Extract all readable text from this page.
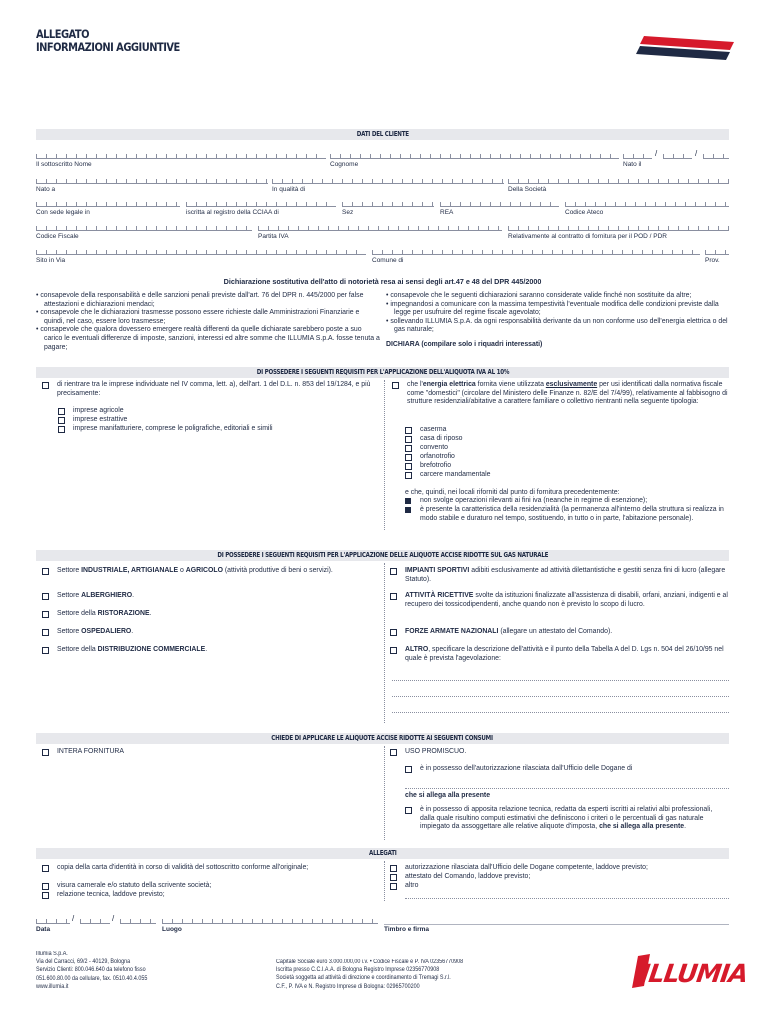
ALLEGATO
INFORMAZIONI AGGIUNTIVE
DATI DEL CLIENTE
/	/
Il sottoscritto Nome	Cognome	Nato il
Nato a	In qualità di	Della Società
Con sede legale in	iscritta al registro della CCIAA di	Sez	REA	Codice Ateco
Codice Fiscale	Partita IVA	Relativamente al contratto di fornitura per il POD / PDR
Sito in Via	Comune di	Prov.
Dichiarazione sostitutiva dell'atto di notorietà resa ai sensi degli art.47 e 48 del DPR 445/2000
• consapevole della responsabilità e delle sanzioni penali previste dall'art. 76 del DPR n. 445/2000 per false attestazioni e dichiarazioni mendaci;
• consapevole che le dichiarazioni trasmesse possono essere richieste dalle Amministrazioni Finanziarie e quindi, nel caso, essere loro trasmesse;
• consapevole che qualora dovessero emergere realtà differenti da quelle dichiarate sarebbero poste a suo carico le eventuali differenze di imposte, sanzioni, interessi ed altre somme che ILLUMIA S.p.A. fosse tenuta a pagare;
• consapevole che le seguenti dichiarazioni saranno considerate valide finché non sostituite da altre;
• impegnandosi a comunicare con la massima tempestività l'eventuale modifica delle condizioni previste dalla legge per usufruire del regime fiscale agevolato;
• sollevando ILLUMIA S.p.A. da ogni responsabilità derivante da un non conforme uso dell'energia elettrica o del gas naturale;
DICHIARA (compilare solo i riquadri interessati)
DI POSSEDERE I SEGUENTI REQUISITI PER L'APPLICAZIONE DELL'ALIQUOTA IVA AL 10%
di rientrare tra le imprese individuate nel IV comma, lett. a), dell'art. 1 del D.L. n. 853 del 19/1284, e più precisamente:
imprese agricole
imprese estrattive
imprese manifatturiere, comprese le poligrafiche, editoriali e simili
che l'energia elettrica fornita viene utilizzata esclusivamente per usi identificati dalla normativa fiscale come "domestici" (circolare del Ministero delle Finanze n. 82/E del 7/4/99), relativamente al fabbisogno di strutture residenziali/abitative a carattere familiare o collettivo rientranti nella seguente tipologia:
caserma
casa di riposo
convento
orfanotrofio
brefotrofio
carcere mandamentale
e che, quindi, nei locali riforniti dal punto di fornitura precedentemente:
non svolge operazioni rilevanti ai fini iva (neanche in regime di esenzione);
è presente la caratteristica della residenzialità (la permanenza all'interno della struttura si realizza in modo stabile e duraturo nel tempo, sostituendo, in tutto o in parte, l'abitazione personale).
DI POSSEDERE I SEGUENTI REQUISITI PER L'APPLICAZIONE DELLE ALIQUOTE ACCISE RIDOTTE SUL GAS NATURALE
Settore INDUSTRIALE, ARTIGIANALE o AGRICOLO (attività produttive di beni o servizi).
Settore ALBERGHIERO.
Settore della RISTORAZIONE.
Settore OSPEDALIERO.
Settore della DISTRIBUZIONE COMMERCIALE.
IMPIANTI SPORTIVI adibiti esclusivamente ad attività dilettantistiche e gestiti senza fini di lucro (allegare Statuto).
ATTIVITÀ RICETTIVE svolte da istituzioni finalizzate all'assistenza di disabili, orfani, anziani, indigenti e al recupero dei tossicodipendenti, anche quando non è previsto lo scopo di lucro.
FORZE ARMATE NAZIONALI (allegare un attestato del Comando).
ALTRO, specificare la descrizione dell'attività e il punto della Tabella A del D. Lgs n. 504 del 26/10/95 nel quale è prevista l'agevolazione:
CHIEDE DI APPLICARE LE ALIQUOTE ACCISE RIDOTTE AI SEGUENTI CONSUMI
INTERA FORNITURA	USO PROMISCUO.
è in possesso dell'autorizzazione rilasciata dall'Ufficio delle Dogane di
che si allega alla presente
è in possesso di apposita relazione tecnica, redatta da esperti iscritti ai relativi albi professionali, dalla quale risultino computi estimativi che definiscono i criteri o le percentuali di gas naturale impiegato da assoggettare alle relative aliquote d'imposta, che si allega alla presente.
ALLEGATI
copia della carta d'identità in corso di validità del sottoscritto conforme all'originale;
visura camerale e/o statuto della scrivente società;
relazione tecnica, laddove previsto;
autorizzazione rilasciata dall'Ufficio delle Dogane competente, laddove previsto;
attestato del Comando, laddove previsto;
altro
/	/
Data	Luogo	Timbro e firma
Illumia S.p.A.
Via del Carracci, 69/2 - 40129, Bologna
Servizio Clienti: 800.046.640 da telefono fisso
051.600.80.00 da cellulare, fax. 0510.40.4.055
www.illumia.it
Capitale Sociale euro 3.000.000,00 i.v. • Codice Fiscale e P. IVA 02356770908
Iscritta presso C.C.I.A.A. di Bologna Registro Imprese 02356770908
Società soggetta ad attività di direzione e coordinamento di Tremagi S.r.l.
C.F., P. IVA e N. Registro Imprese di Bologna: 02965700200	ILLUMIA
